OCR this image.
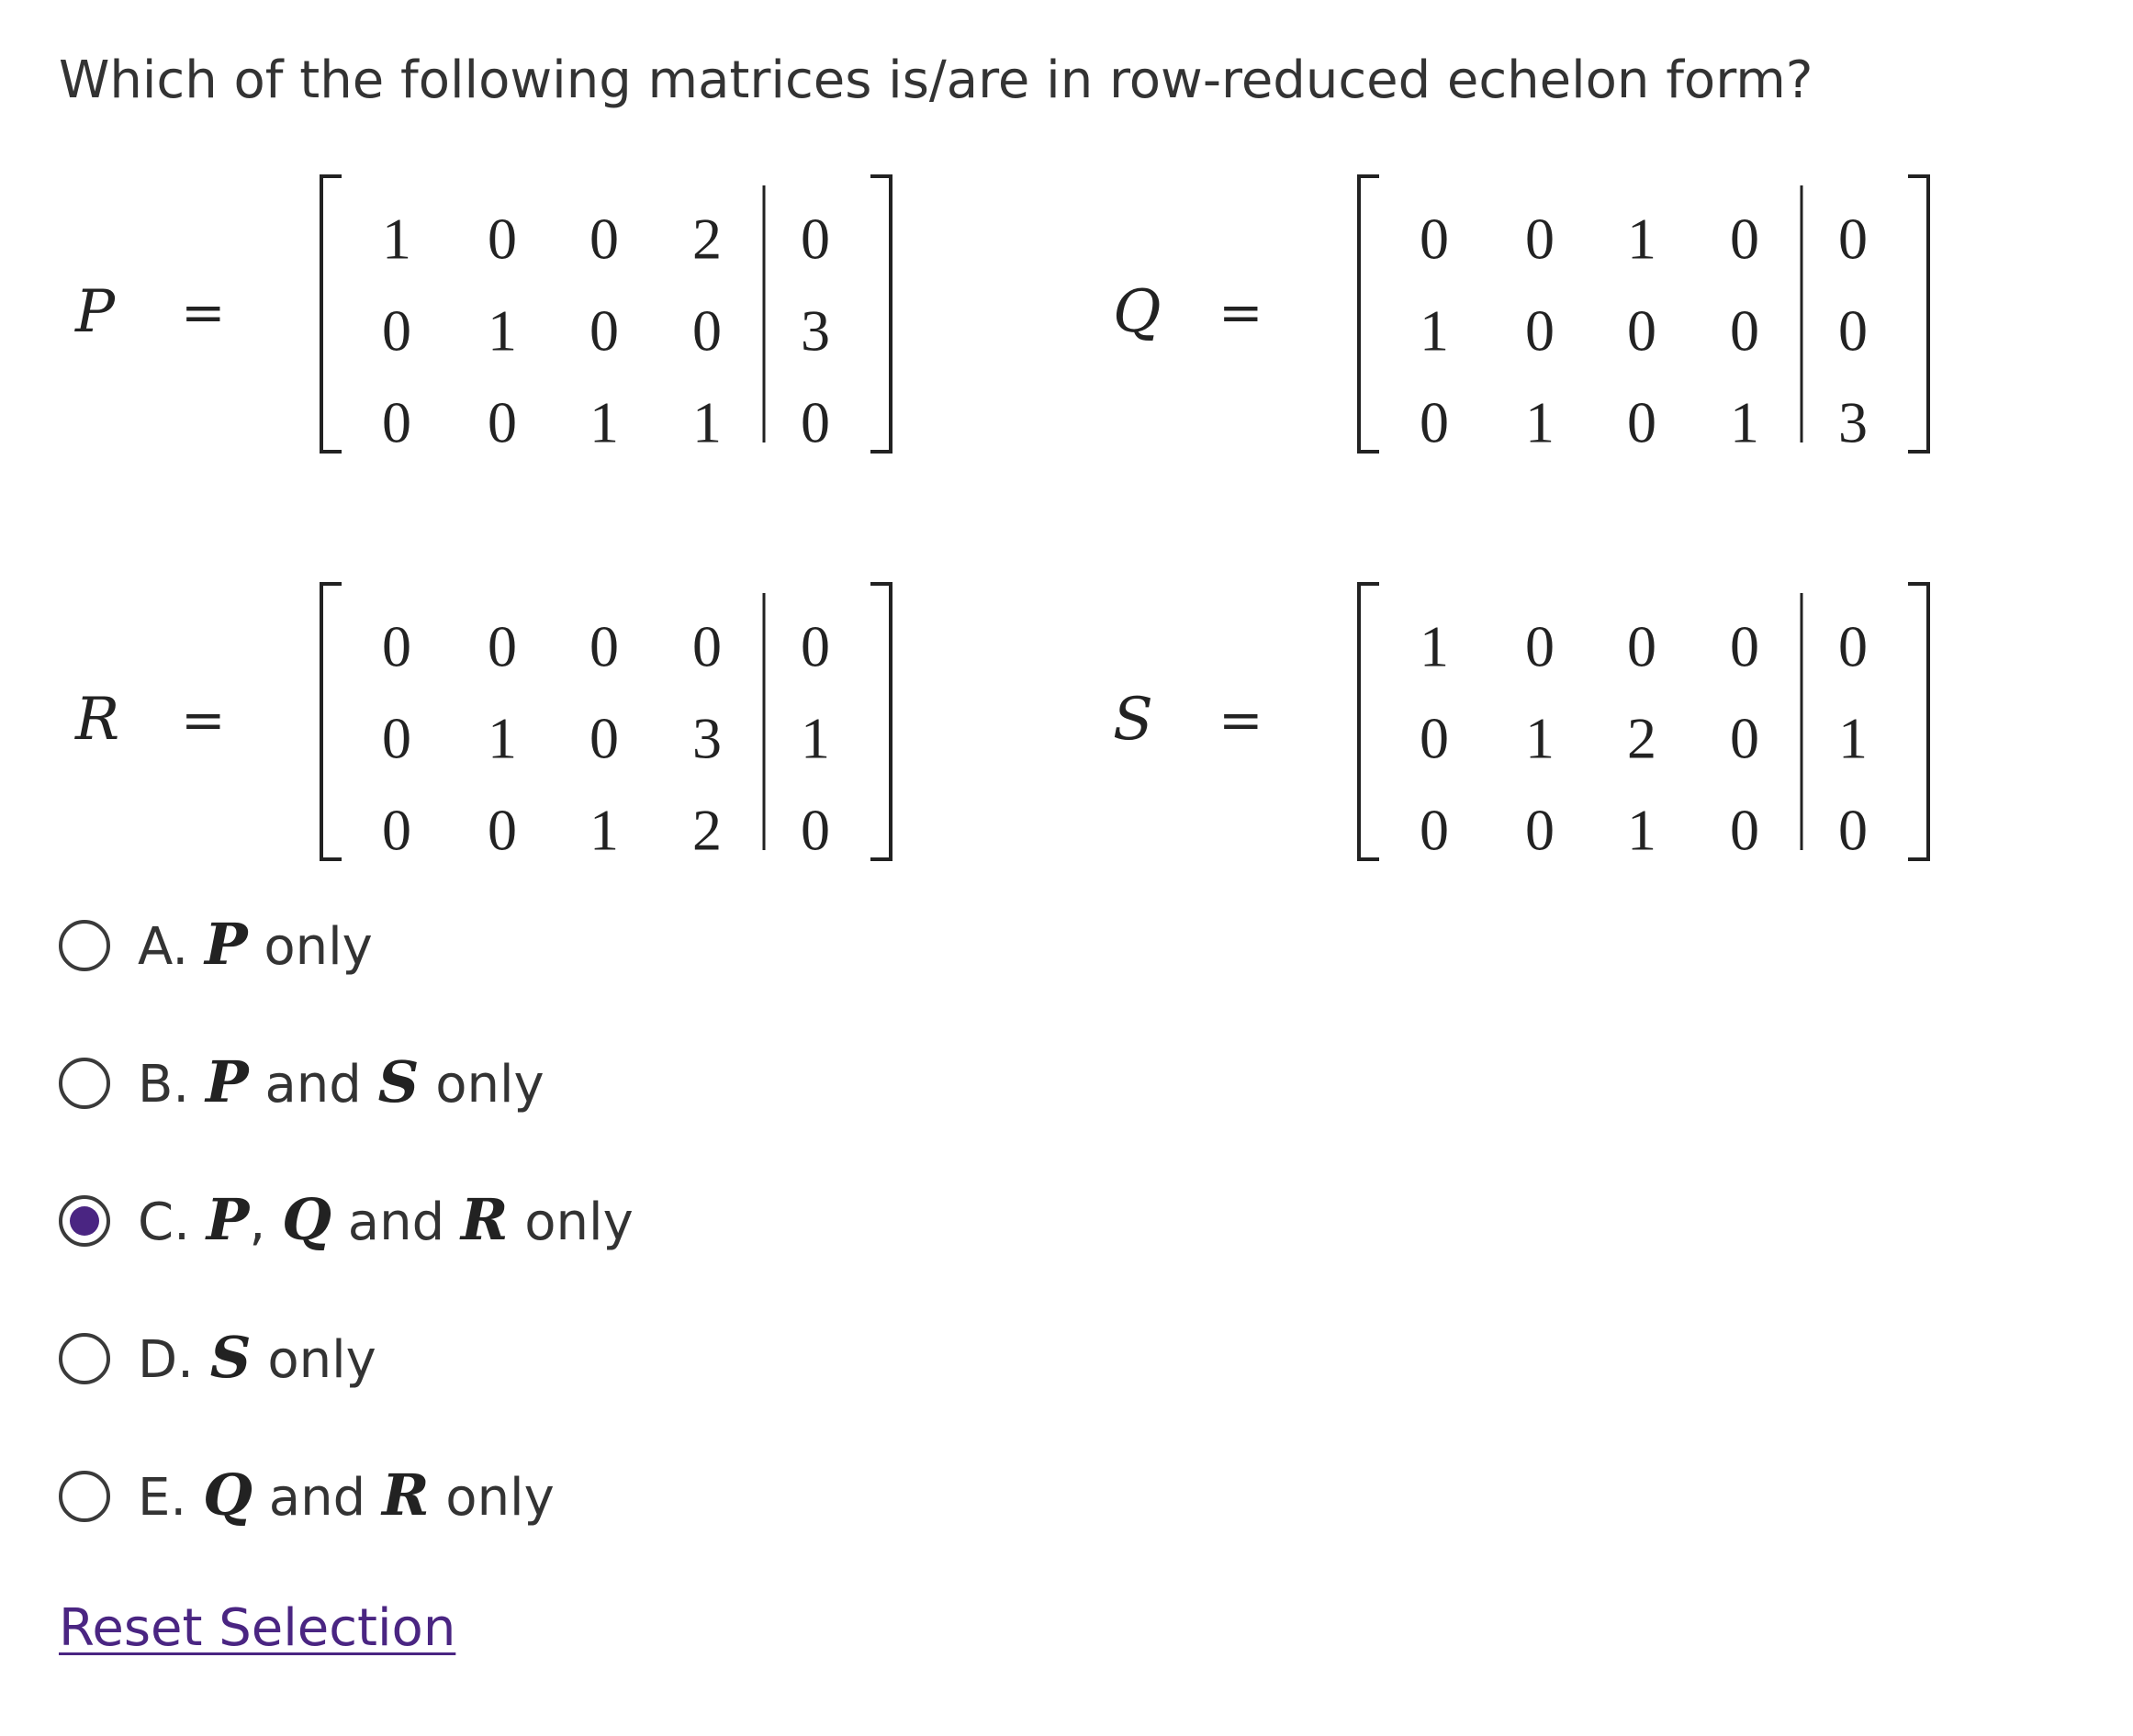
Which of the following matrices is/are in row-reduced echelon form?
P =
1 0 0 2 0
0 1 0 0 3
0 0 1 1 0
Q =
0 0 1 0 0
1 0 0 0 0
0 1 0 1 3
R =
0 0 0 0 0
0 1 0 3 1
0 0 1 2 0
S =
1 0 0 0 0
0 1 2 0 1
0 0 1 0 0
A. P only
B. P and S only
C. P, Q and R only
D. S only
E. Q and R only
Reset Selection
